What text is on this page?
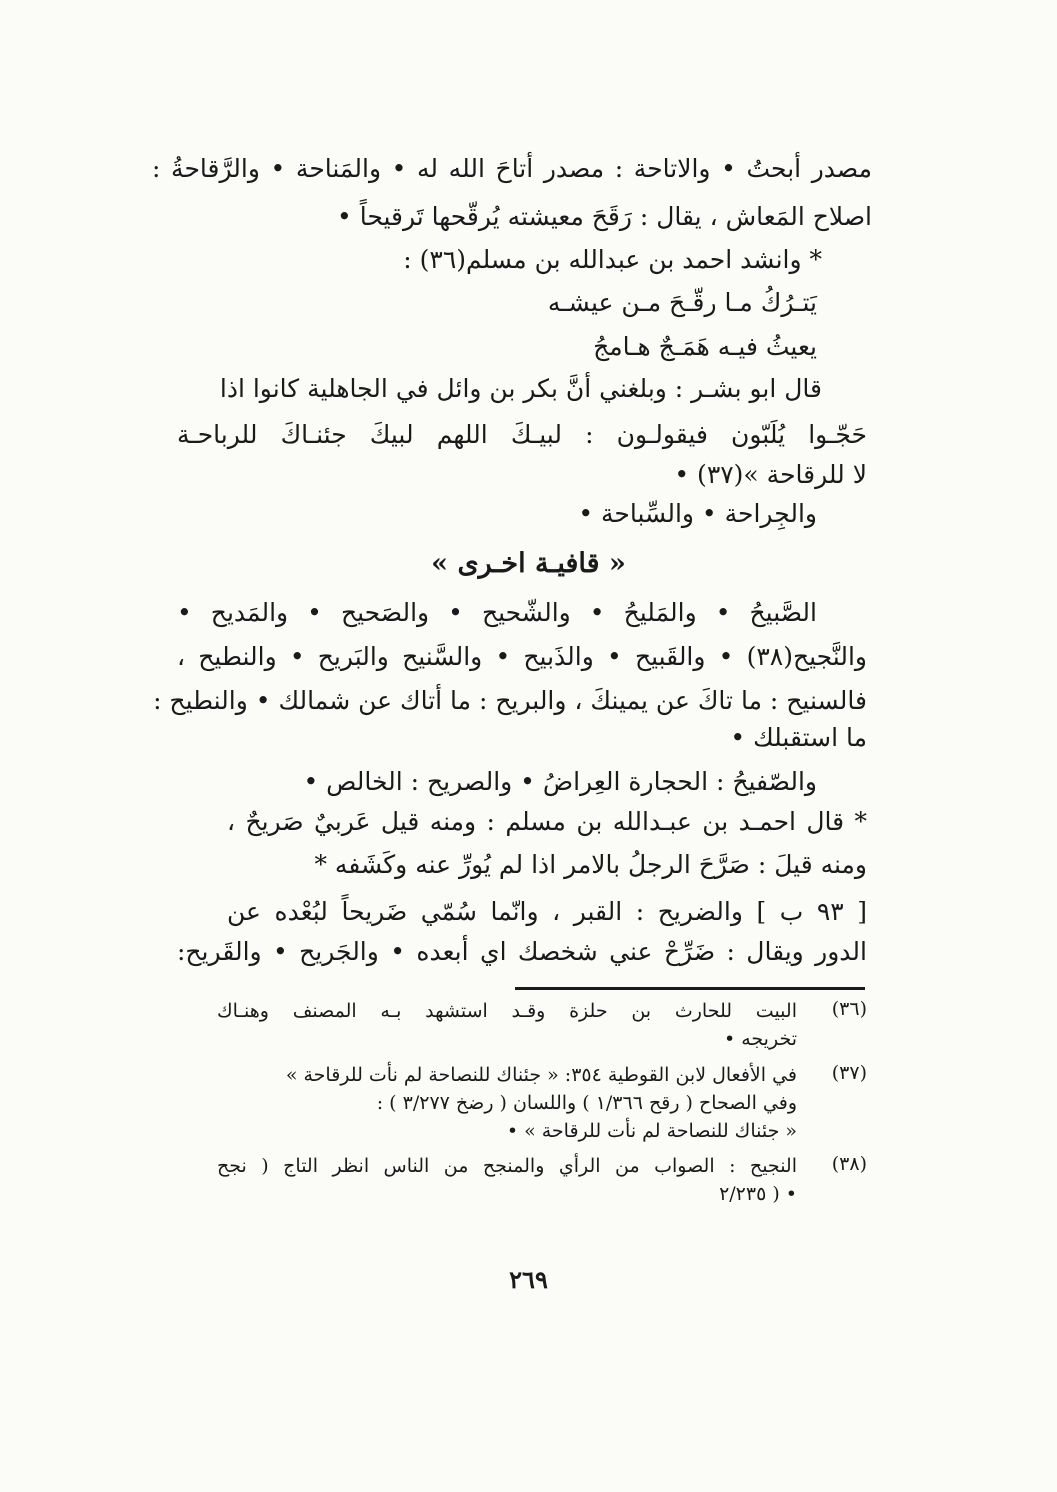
مصدر أبحتُ • والاتاحة : مصدر أتاحَ الله له • والمَناحة • والرَّقاحةُ :
اصلاح المَعاش ، يقال : رَقَحَ معيشته يُرقّحها تَرقيحاً •
* وانشد احمد بن عبدالله بن مسلم(٣٦) :
يَتـرُكُ مـا رقّـحَ مـن عيشـه
يعيثُ فيـه هَمَـجٌ هـامجُ
قال ابو بشـر : وبلغني أنَّ بكر بن وائل في الجاهلية كانوا اذا
حَجّـوا يُلَبّون فيقولـون : لبيـكَ اللهم لبيكَ جئنـاكَ للرباحـة
لا للرقاحة »(٣٧) •
والجِراحة • والسِّباحة •
« قافيـة اخـرى »
الصَّبيحُ • والمَليحُ • والشّحيح • والصَحيح • والمَديح •
والنَّجيح(٣٨) • والقَبيح • والذَبيح • والسَّنيح والبَريح • والنطيح ،
فالسنيح : ما تاكَ عن يمينكَ ، والبريح : ما أتاك عن شمالك • والنطيح :
ما استقبلك •
والصّفيحُ : الحجارة العِراضُ • والصريح : الخالص •
* قال احمـد بن عبـدالله بن مسلم : ومنه قيل عَربيٌ صَريحٌ ،
ومنه قيلَ : صَرَّحَ الرجلُ بالامر اذا لم يُورِّ عنه وكَشَفه *
[ ٩٣ ب ] والضريح : القبر ، وانّما سُمّي ضَريحاً لبُعْده عن
الدور ويقال : ضَرِّحْ عني شخصك اي أبعده • والجَريح • والقَريح:
(٣٦)
البيت للحارث بن حلزة وقـد استشهد بـه المصنف وهنـاك
تخريجه •
(٣٧)
في الأفعال لابن القوطية ٣٥٤: « جئناك للنصاحة لم نأت للرقاحة »
وفي الصحاح ( رقح ١/٣٦٦ ) واللسان ( رضخ ٣/٢٧٧ ) :
« جئناك للنصاحة لم نأت للرقاحة » •
(٣٨)
النجيح : الصواب من الرأي والمنجح من الناس انظر التاج ( نجح
٢/٢٣٥ ) •
٢٦٩
